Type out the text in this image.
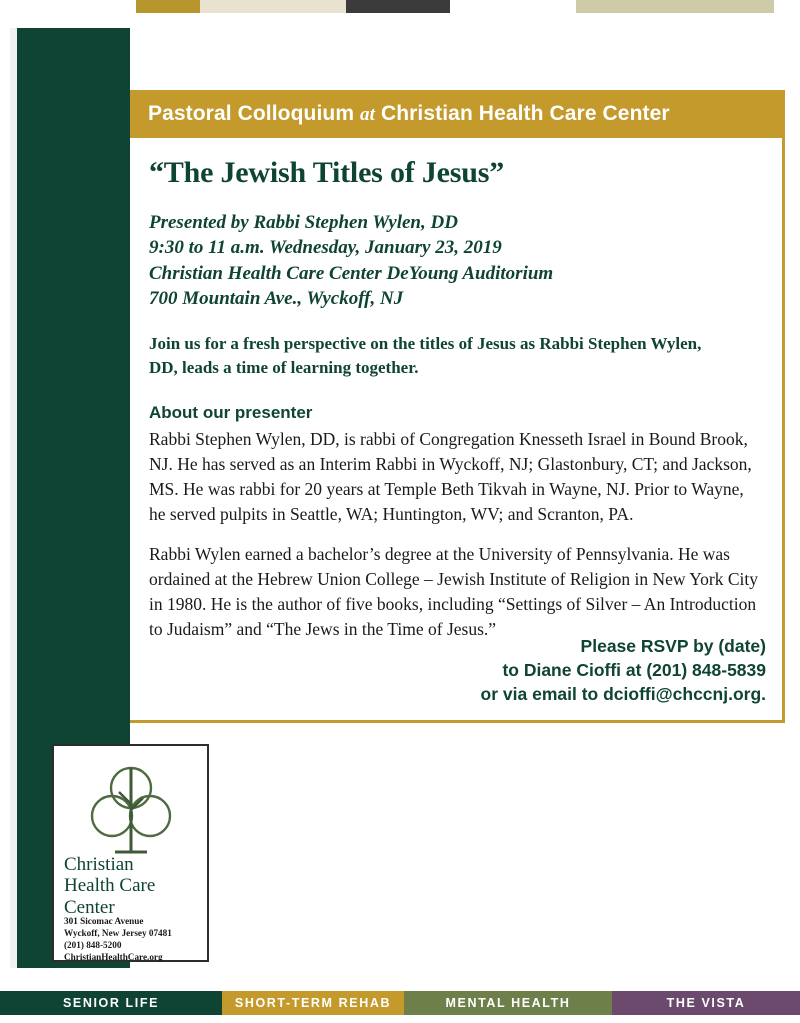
Pastoral Colloquium at Christian Health Care Center
“The Jewish Titles of Jesus”
Presented by Rabbi Stephen Wylen, DD
9:30 to 11 a.m. Wednesday, January 23, 2019
Christian Health Care Center DeYoung Auditorium
700 Mountain Ave., Wyckoff, NJ
Join us for a fresh perspective on the titles of Jesus as Rabbi Stephen Wylen, DD, leads a time of learning together.
About our presenter

Rabbi Stephen Wylen, DD, is rabbi of Congregation Knesseth Israel in Bound Brook, NJ. He has served as an Interim Rabbi in Wyckoff, NJ; Glastonbury, CT; and Jackson, MS. He was rabbi for 20 years at Temple Beth Tikvah in Wayne, NJ. Prior to Wayne, he served pulpits in Seattle, WA; Huntington, WV; and Scranton, PA.

Rabbi Wylen earned a bachelor’s degree at the University of Pennsylvania. He was ordained at the Hebrew Union College – Jewish Institute of Religion in New York City in 1980. He is the author of five books, including “Settings of Silver – An Introduction to Judaism” and “The Jews in the Time of Jesus.”

Please RSVP by (date)
to Diane Cioffi at (201) 848-5839
or via email to dcioffi@chccnj.org.
Christian
Health Care
Center
301 Sicomac Avenue
Wyckoff, New Jersey 07481
(201) 848-5200
ChristianHealthCare.org
SENIOR LIFE	SHORT-TERM REHAB	MENTAL HEALTH	THE VISTA
